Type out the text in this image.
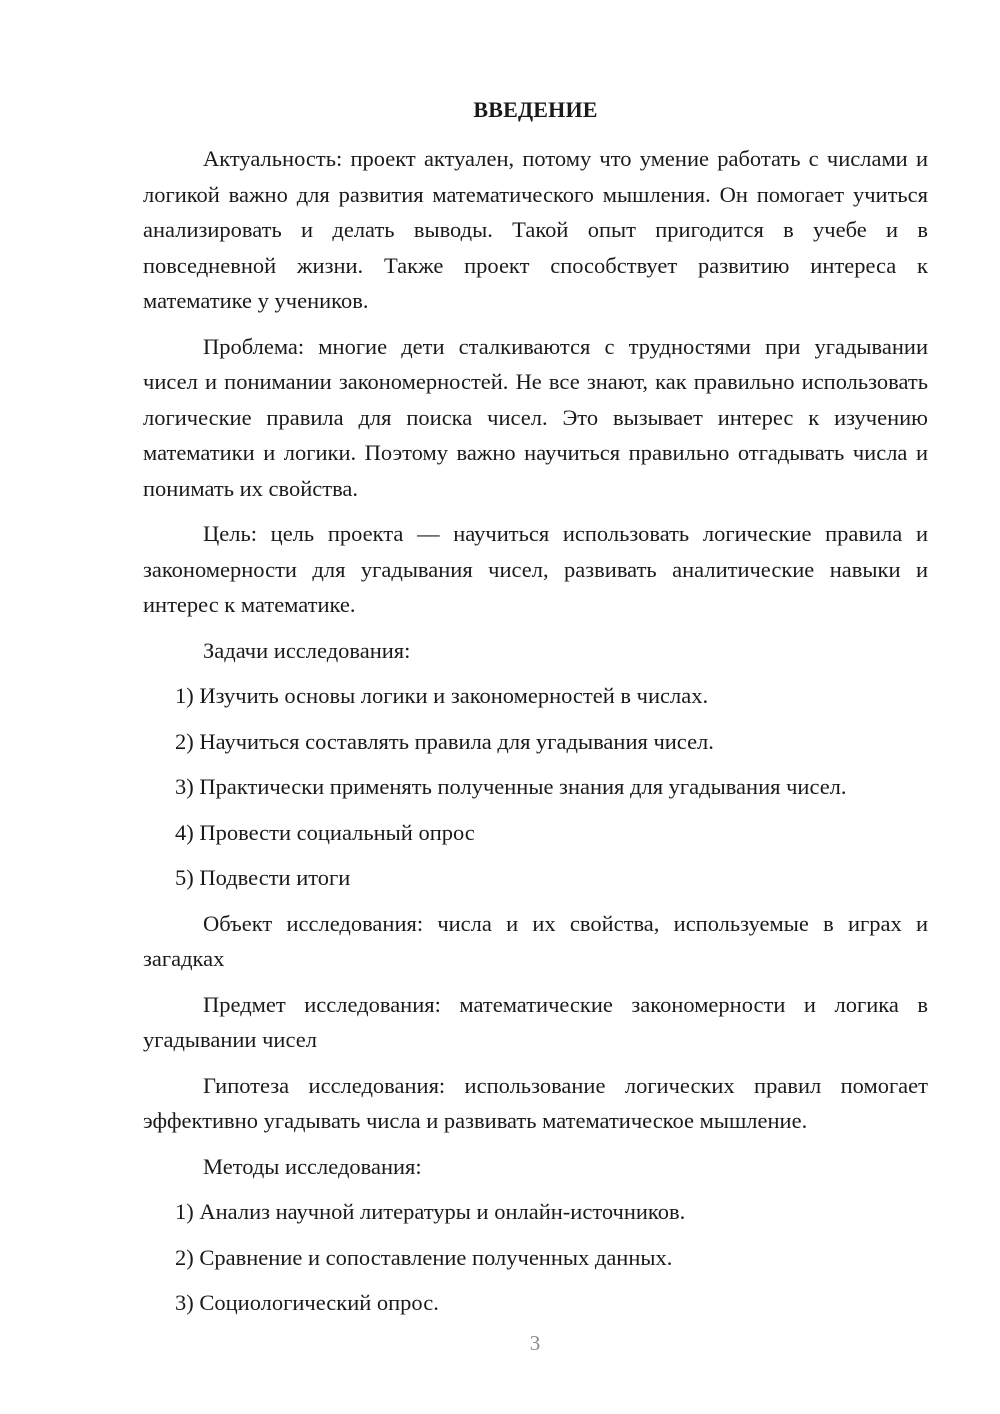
ВВЕДЕНИЕ

Актуальность: проект актуален, потому что умение работать с числами и логикой важно для развития математического мышления. Он помогает учиться анализировать и делать выводы. Такой опыт пригодится в учебе и в повседневной жизни. Также проект способствует развитию интереса к математике у учеников.

Проблема: многие дети сталкиваются с трудностями при угадывании чисел и понимании закономерностей. Не все знают, как правильно использовать логические правила для поиска чисел. Это вызывает интерес к изучению математики и логики. Поэтому важно научиться правильно отгадывать числа и понимать их свойства.

Цель: цель проекта — научиться использовать логические правила и закономерности для угадывания чисел, развивать аналитические навыки и интерес к математике.

Задачи исследования:
1) Изучить основы логики и закономерностей в числах.
2) Научиться составлять правила для угадывания чисел.
3) Практически применять полученные знания для угадывания чисел.
4) Провести социальный опрос
5) Подвести итоги

Объект исследования: числа и их свойства, используемые в играх и загадках

Предмет исследования: математические закономерности и логика в угадывании чисел

Гипотеза исследования: использование логических правил помогает эффективно угадывать числа и развивать математическое мышление.

Методы исследования:
1) Анализ научной литературы и онлайн-источников.
2) Сравнение и сопоставление полученных данных.
3) Социологический опрос.
3
